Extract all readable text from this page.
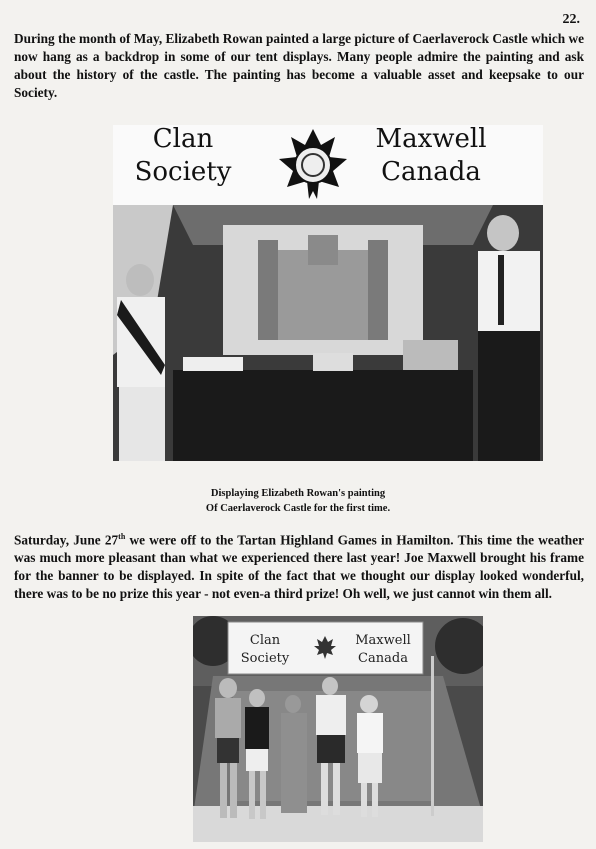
22.

During the month of May, Elizabeth Rowan painted a large picture of Caerlaverock Castle which we now hang as a backdrop in some of our tent displays. Many people admire the painting and ask about the history of the castle. The painting has become a valuable asset and keepsake to our Society.

Clan
Society
Maxwell
Canada
Displaying Elizabeth Rowan's painting
Of Caerlaverock Castle for the first time.

Saturday, June 27th we were off to the Tartan Highland Games in Hamilton. This time the weather was much more pleasant than what we experienced there last year! Joe Maxwell brought his frame for the banner to be displayed. In spite of the fact that we thought our display looked wonderful, there was to be no prize this year - not even-a third prize! Oh well, we just cannot win them all.

Clan
Society
Maxwell
Canada
